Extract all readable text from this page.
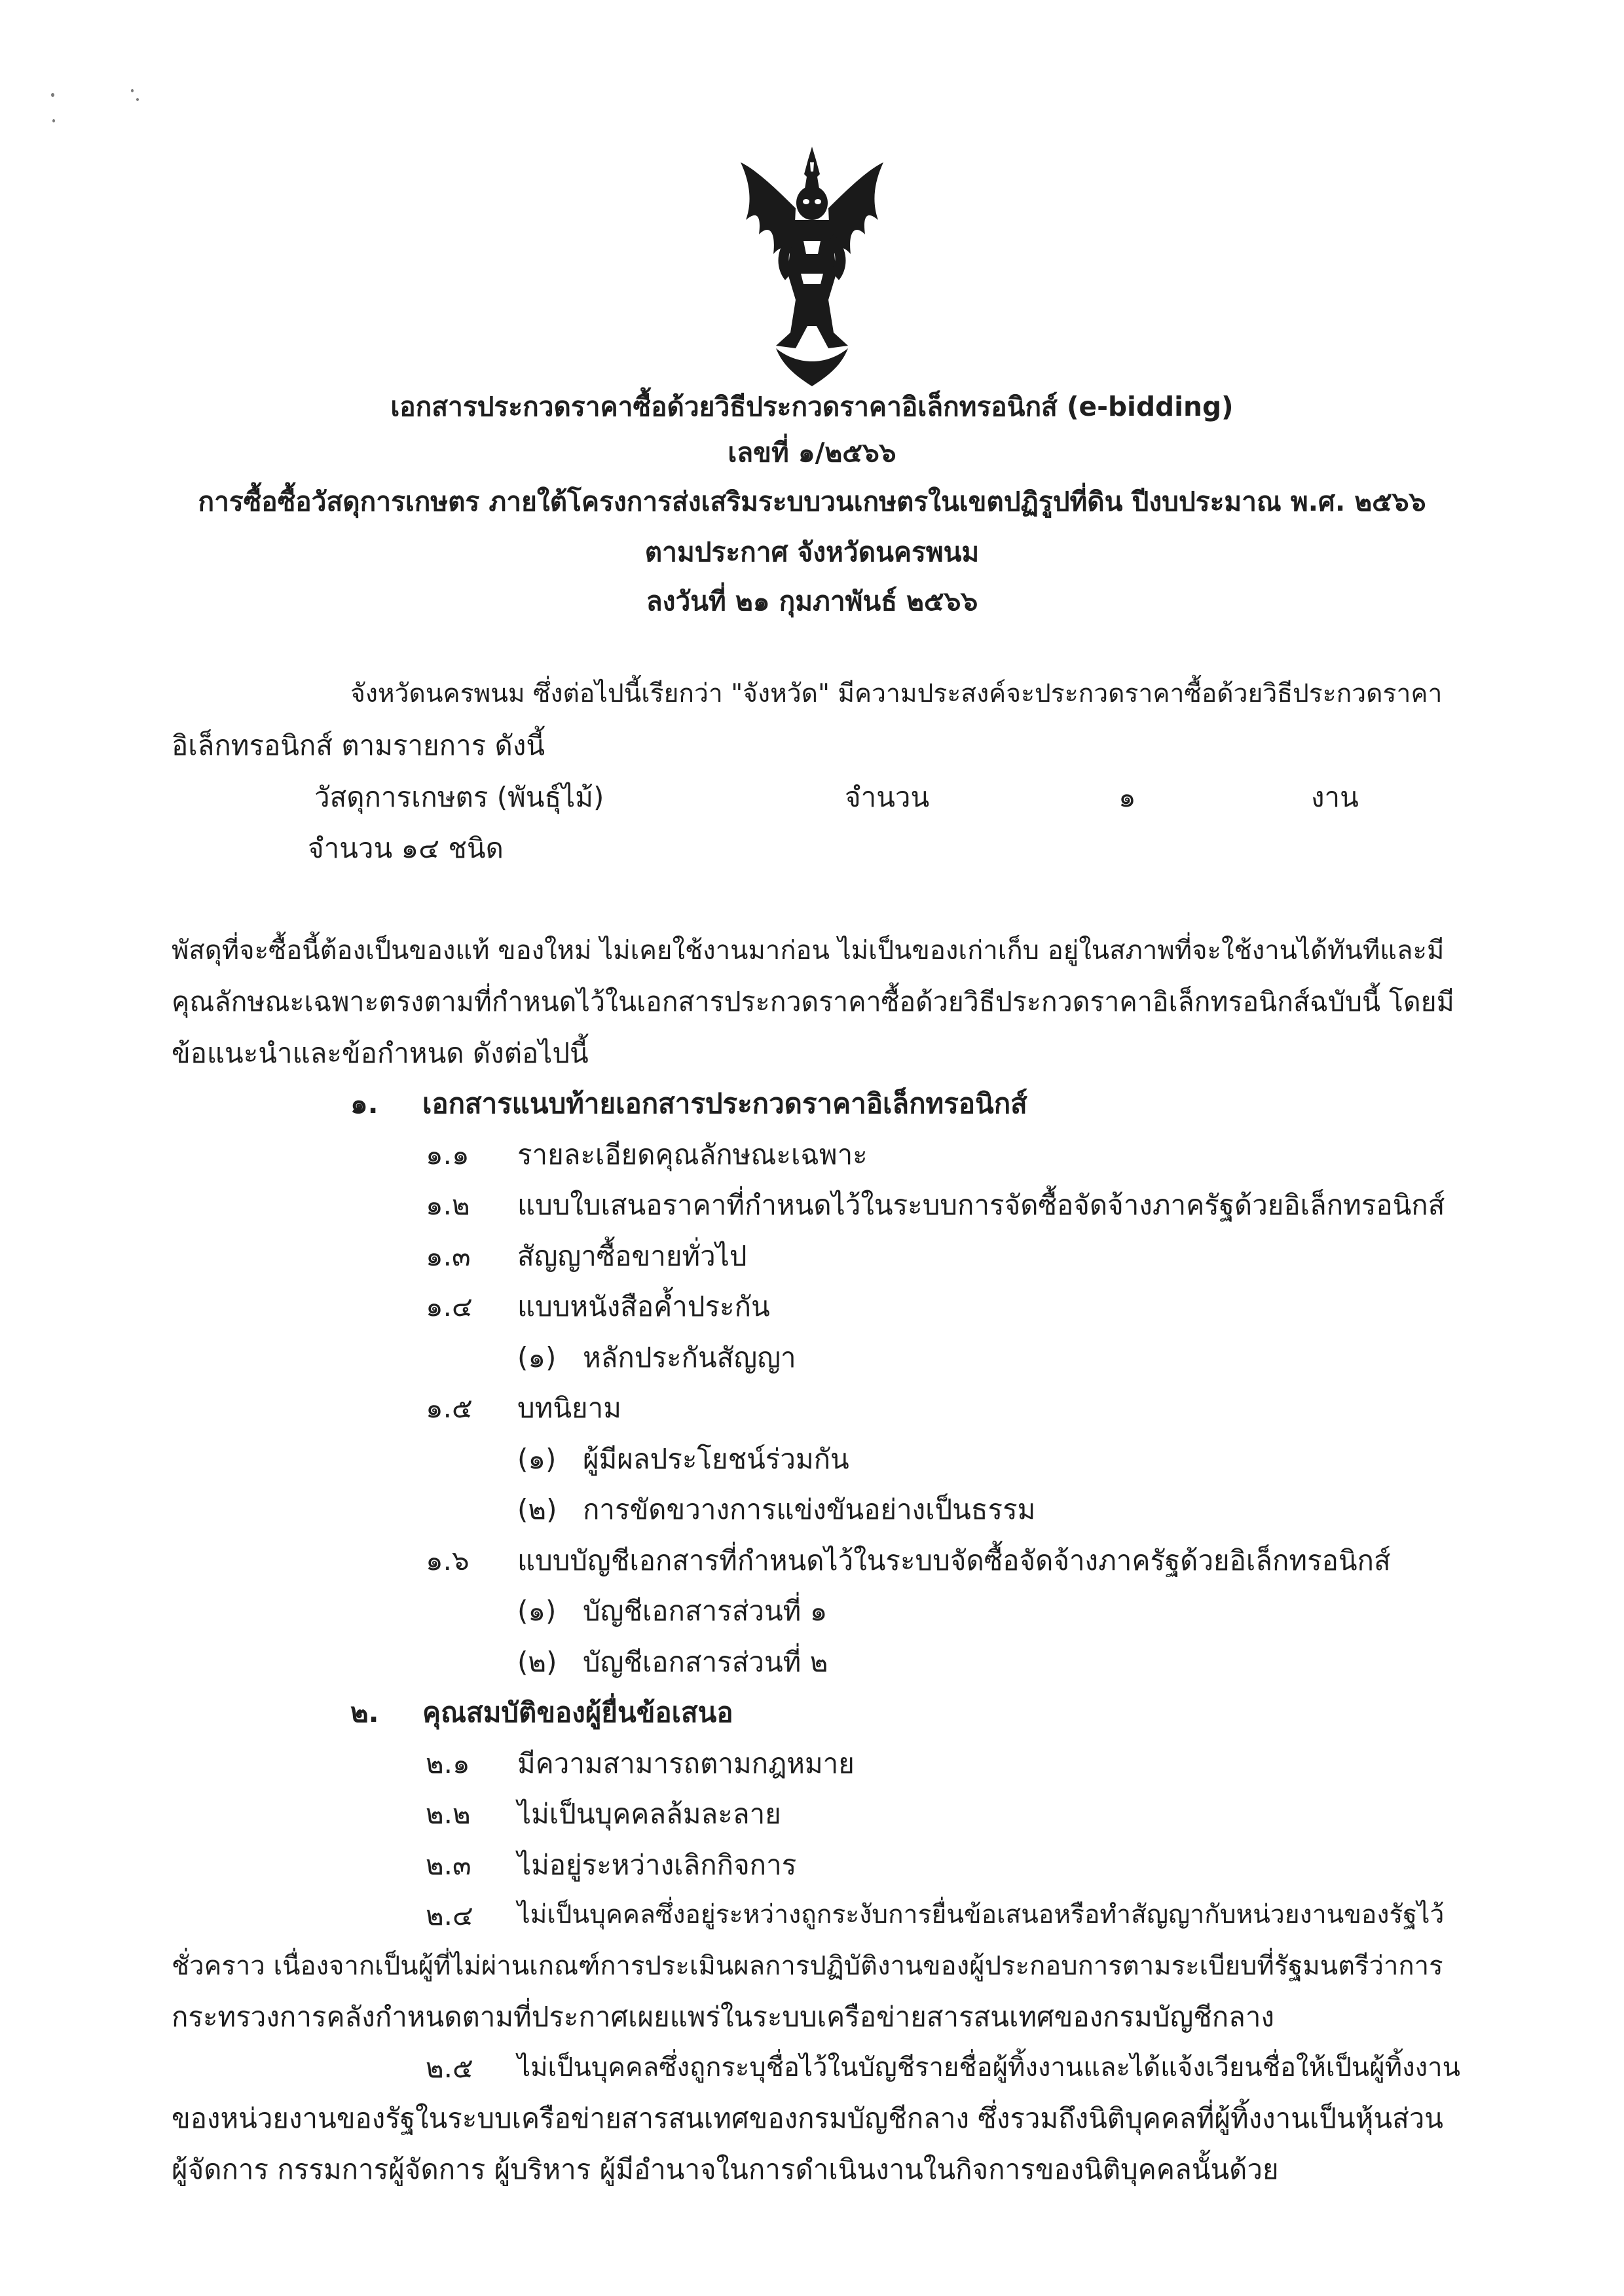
เอกสารประกวดราคาซื้อด้วยวิธีประกวดราคาอิเล็กทรอนิกส์ (e-bidding)
เลขที่ ๑/๒๕๖๖
การซื้อซื้อวัสดุการเกษตร ภายใต้โครงการส่งเสริมระบบวนเกษตรในเขตปฏิรูปที่ดิน ปีงบประมาณ พ.ศ. ๒๕๖๖
ตามประกาศ จังหวัดนครพนม
ลงวันที่ ๒๑ กุมภาพันธ์ ๒๕๖๖
จังหวัดนครพนม ซึ่งต่อไปนี้เรียกว่า "จังหวัด" มีความประสงค์จะประกวดราคาซื้อด้วยวิธีประกวดราคา
อิเล็กทรอนิกส์ ตามรายการ ดังนี้
วัสดุการเกษตร (พันธุ์ไม้)	จำนวน	๑	งาน
จำนวน ๑๔ ชนิด
พัสดุที่จะซื้อนี้ต้องเป็นของแท้ ของใหม่ ไม่เคยใช้งานมาก่อน ไม่เป็นของเก่าเก็บ อยู่ในสภาพที่จะใช้งานได้ทันทีและมี
คุณลักษณะเฉพาะตรงตามที่กำหนดไว้ในเอกสารประกวดราคาซื้อด้วยวิธีประกวดราคาอิเล็กทรอนิกส์ฉบับนี้ โดยมี
ข้อแนะนำและข้อกำหนด ดังต่อไปนี้
๑. เอกสารแนบท้ายเอกสารประกวดราคาอิเล็กทรอนิกส์
๑.๑ รายละเอียดคุณลักษณะเฉพาะ
๑.๒ แบบใบเสนอราคาที่กำหนดไว้ในระบบการจัดซื้อจัดจ้างภาครัฐด้วยอิเล็กทรอนิกส์
๑.๓ สัญญาซื้อขายทั่วไป
๑.๔ แบบหนังสือค้ำประกัน
(๑) หลักประกันสัญญา
๑.๕ บทนิยาม
(๑) ผู้มีผลประโยชน์ร่วมกัน
(๒) การขัดขวางการแข่งขันอย่างเป็นธรรม
๑.๖ แบบบัญชีเอกสารที่กำหนดไว้ในระบบจัดซื้อจัดจ้างภาครัฐด้วยอิเล็กทรอนิกส์
(๑) บัญชีเอกสารส่วนที่ ๑
(๒) บัญชีเอกสารส่วนที่ ๒
๒. คุณสมบัติของผู้ยื่นข้อเสนอ
๒.๑ มีความสามารถตามกฎหมาย
๒.๒ ไม่เป็นบุคคลล้มละลาย
๒.๓ ไม่อยู่ระหว่างเลิกกิจการ
๒.๔ ไม่เป็นบุคคลซึ่งอยู่ระหว่างถูกระงับการยื่นข้อเสนอหรือทำสัญญากับหน่วยงานของรัฐไว้
ชั่วคราว เนื่องจากเป็นผู้ที่ไม่ผ่านเกณฑ์การประเมินผลการปฏิบัติงานของผู้ประกอบการตามระเบียบที่รัฐมนตรีว่าการ
กระทรวงการคลังกำหนดตามที่ประกาศเผยแพร่ในระบบเครือข่ายสารสนเทศของกรมบัญชีกลาง
๒.๕ ไม่เป็นบุคคลซึ่งถูกระบุชื่อไว้ในบัญชีรายชื่อผู้ทิ้งงานและได้แจ้งเวียนชื่อให้เป็นผู้ทิ้งงาน
ของหน่วยงานของรัฐในระบบเครือข่ายสารสนเทศของกรมบัญชีกลาง ซึ่งรวมถึงนิติบุคคลที่ผู้ทิ้งงานเป็นหุ้นส่วน
ผู้จัดการ กรรมการผู้จัดการ ผู้บริหาร ผู้มีอำนาจในการดำเนินงานในกิจการของนิติบุคคลนั้นด้วย
